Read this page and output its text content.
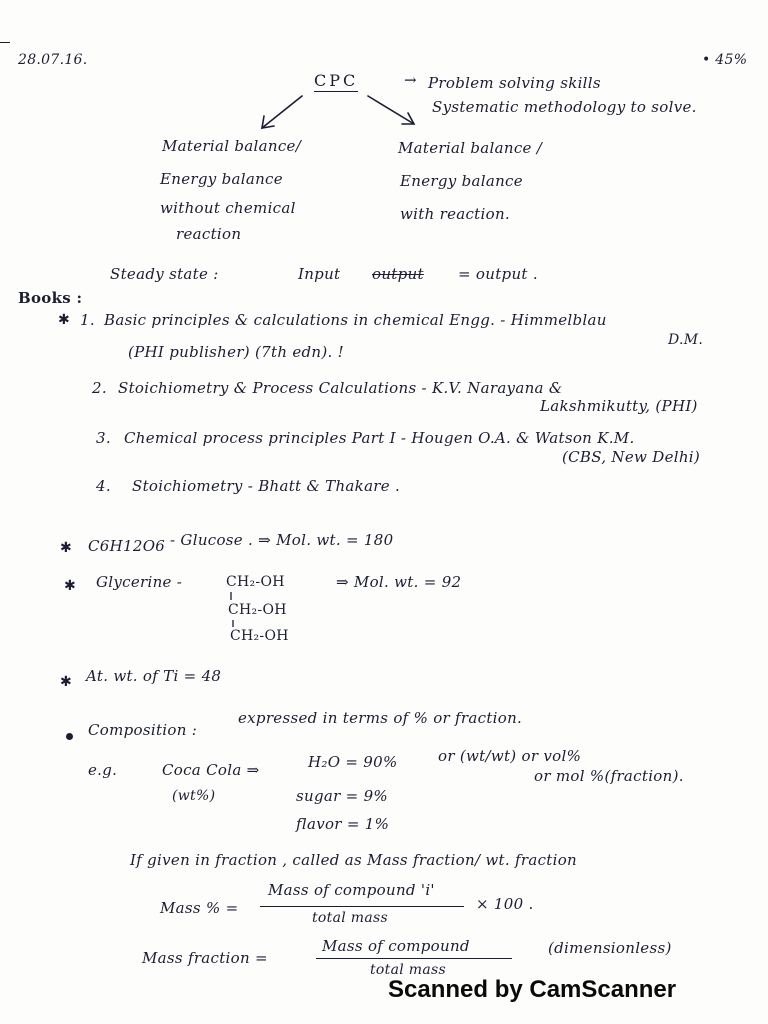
28.07.16.	• 45%
CPC	→ Problem solving skills
Systematic methodology to solve.
Material balance/
Energy balance
without chemical
reaction
Material balance /
Energy balance
with reaction.
Steady state :	Input output = output .
Books :
✱ 1. Basic principles & calculations in chemical Engg. - Himmelblau
D.M.
(PHI publisher) (7th edn). !
2. Stoichiometry & Process Calculations - K.V. Narayana &
Lakshmikutty, (PHI)
3. Chemical process principles Part I - Hougen O.A. & Watson K.M.
(CBS, New Delhi)
4. Stoichiometry - Bhatt & Thakare .
✱ C6H12O6 - Glucose . ⇒ Mol. wt. = 180
✱ Glycerine -	CH₂-OH
CH₂-OH
CH₂-OH
⇒ Mol. wt. = 92
✱ At. wt. of Ti = 48
Composition :
expressed in terms of % or fraction.
e.g.	Coca Cola ⇒
(wt%)
H₂O = 90%	or (wt/wt) or vol%
or mol %(fraction).
sugar = 9%
flavor = 1%
If given in fraction , called as Mass fraction/ wt. fraction
Mass % =
Mass of compound 'i'
total mass
× 100 .
Mass fraction =
Mass of compound
total mass
(dimensionless)
Scanned by CamScanner
